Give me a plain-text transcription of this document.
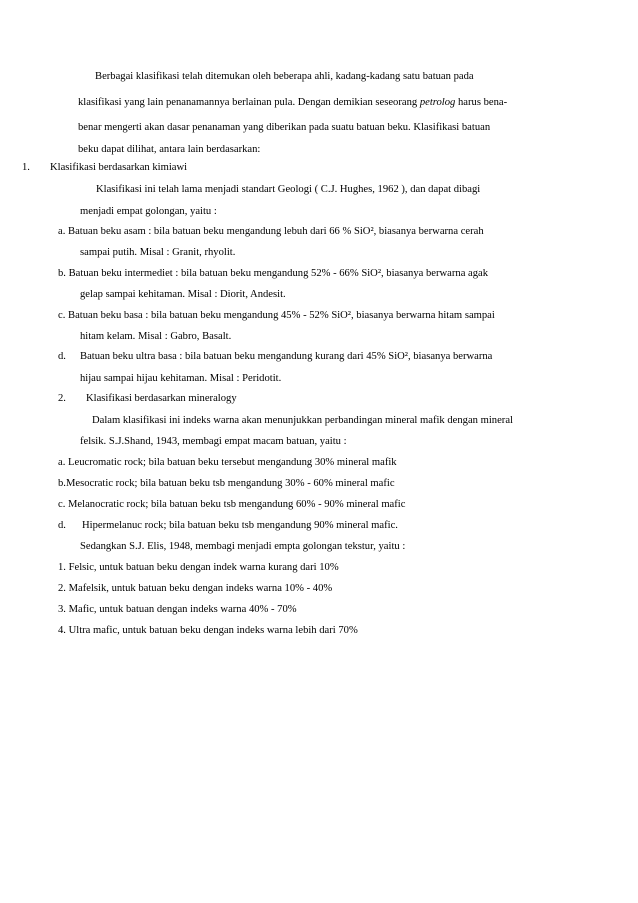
Berbagai klasifikasi telah ditemukan oleh beberapa ahli, kadang-kadang satu batuan pada
klasifikasi yang lain penanamannya berlainan pula. Dengan demikian seseorang petrolog harus bena-
benar mengerti akan dasar penanaman yang diberikan pada suatu batuan beku. Klasifikasi batuan
beku dapat dilihat, antara lain berdasarkan:
1. Klasifikasi berdasarkan kimiawi
Klasifikasi ini telah lama menjadi standart Geologi ( C.J. Hughes, 1962 ), dan dapat dibagi
menjadi empat golongan, yaitu :
a. Batuan beku asam : bila batuan beku mengandung lebuh dari 66 % SiO², biasanya berwarna cerah
sampai putih. Misal : Granit, rhyolit.
b. Batuan beku intermediet : bila batuan beku mengandung 52% - 66% SiO², biasanya berwarna agak
gelap sampai kehitaman. Misal : Diorit, Andesit.
c. Batuan beku basa : bila batuan beku mengandung 45% - 52% SiO², biasanya berwarna hitam sampai
hitam kelam. Misal : Gabro, Basalt.
d. Batuan beku ultra basa : bila batuan beku mengandung kurang dari 45% SiO², biasanya berwarna
hijau sampai hijau kehitaman. Misal : Peridotit.
2. Klasifikasi berdasarkan mineralogy
Dalam klasifikasi ini indeks warna akan menunjukkan perbandingan mineral mafik dengan mineral
felsik. S.J.Shand, 1943, membagi empat macam batuan, yaitu :
a. Leucromatic rock; bila batuan beku tersebut mengandung 30% mineral mafik
b.Mesocratic rock; bila batuan beku tsb mengandung 30% - 60% mineral mafic
c. Melanocratic rock; bila batuan beku tsb mengandung 60% - 90% mineral mafic
d. Hipermelanuc rock; bila batuan beku tsb mengandung 90% mineral mafic.
Sedangkan S.J. Elis, 1948, membagi menjadi empta golongan tekstur, yaitu :
1. Felsic, untuk batuan beku dengan indek warna kurang dari 10%
2. Mafelsik, untuk batuan beku dengan indeks warna 10% - 40%
3. Mafic, untuk batuan dengan indeks warna 40% - 70%
4. Ultra mafic, untuk batuan beku dengan indeks warna lebih dari 70%
